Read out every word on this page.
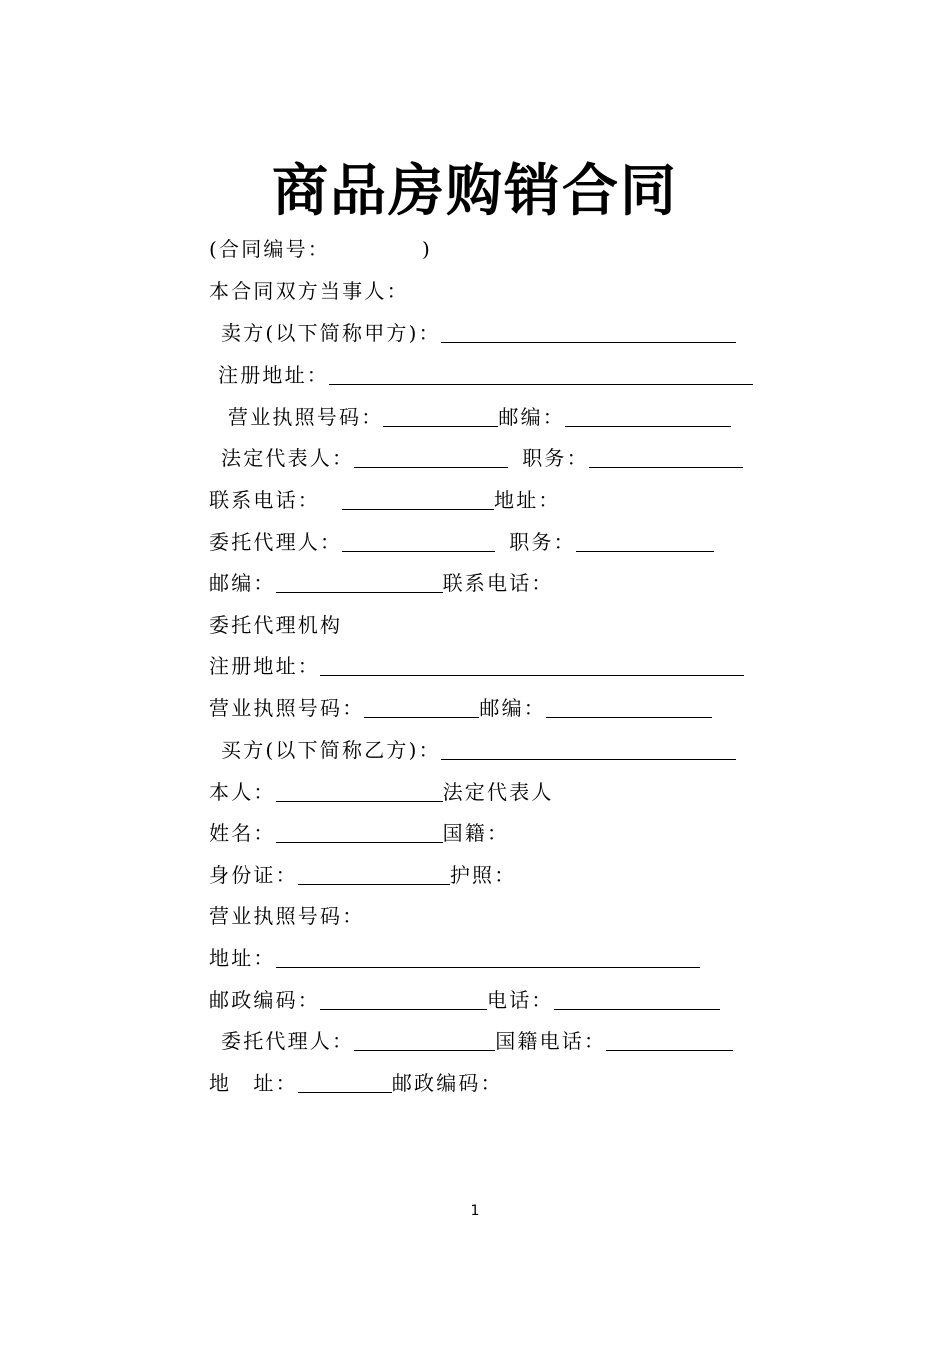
商品房购销合同
(合同编号：	)
本合同双方当事人：
卖方(以下简称甲方)：
注册地址：
营业执照号码：	邮编：
法定代表人：	职务：
联系电话：	地址：
委托代理人：	职务：
邮编：	联系电话：
委托代理机构
注册地址：
营业执照号码：	邮编：
买方(以下简称乙方)：
本人：	法定代表人
姓名：	国籍：
身份证：	护照：
营业执照号码：
地址：
邮政编码：	电话：
委托代理人：	国籍电话：
地　址：	邮政编码：
1
